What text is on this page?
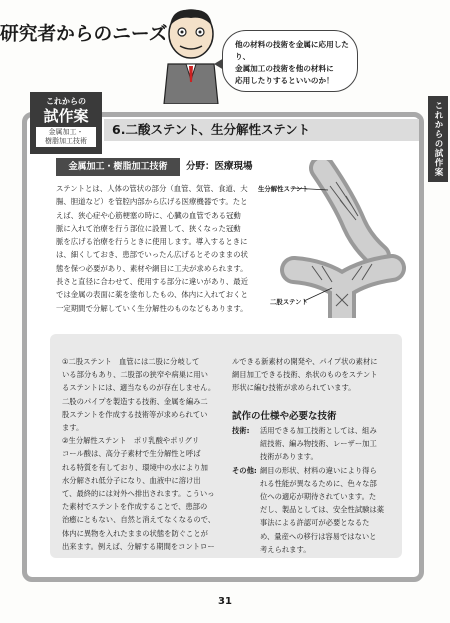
これからの試作案
他の材料の技術を金属に応用したり、
金属加工の技術を他の材料に
応用したりするといいのか！
これからの
試作案
金属加工・
樹脂加工技術
6.二酸ステント、生分解性ステント
金属加工・樹脂加工技術	分野：医療現場

ステントとは、人体の管状の部分（血管、気管、食道、大

腸、胆道など）を管腔内部から広げる医療機器です。たと

えば、狭心症や心筋梗塞の時に、心臓の血管である冠動

脈に入れて治療を行う部位に設置して、狭くなった冠動

脈を広げる治療を行うときに使用します。導入するときに

は、細くしておき、患部でいったん広げるとそのままの状

態を保つ必要があり、素材や網目に工夫が求められます。

長さと直径に合わせて、使用する部分に違いがあり、最近

では金属の表面に薬を塗布したもの、体内に入れておくと

一定期間で分解していく生分解性のものなどもあります。

生分解性ステント
二股ステント
研究者からのニーズ

①二股ステント　血管には二股に分岐して

いる部分もあり、二股部の狭窄や病巣に用い

るステントには、適当なものが存在しません。

二股のパイプを製造する技術、金属を編み二

股ステントを作成する技術等が求められてい

ます。

②生分解性ステント　ポリ乳酸やポリグリ

コール酸は、高分子素材で生分解性と呼ば

れる特質を有しており、環境中の水により加

水分解され低分子になり、血液中に溶け出

て、最終的には対外へ排出されます。こういっ

た素材でステントを作成することで、患部の

治癒にともない、自然と消えてなくなるので、

体内に異物を入れたままの状態を防ぐことが

出来ます。例えば、分解する期間をコントロー

ルできる新素材の開発や、パイプ状の素材に

網目加工できる技術、糸状のものをステント

形状に編む技術が求められています。

試作の仕様や必要な技術
技術:	活用できる加工技術としては、組み
紐技術、編み物技術、レーザー加工
技術があります。
その他: 網目の形状、材料の違いにより得ら
れる性能が異なるために、色々な部
位への適応が期待されています。た
だし、製品としては、安全性試験は薬
事法による許認可が必要となるた
め、量産への移行は容易ではないと
考えられます。
31
